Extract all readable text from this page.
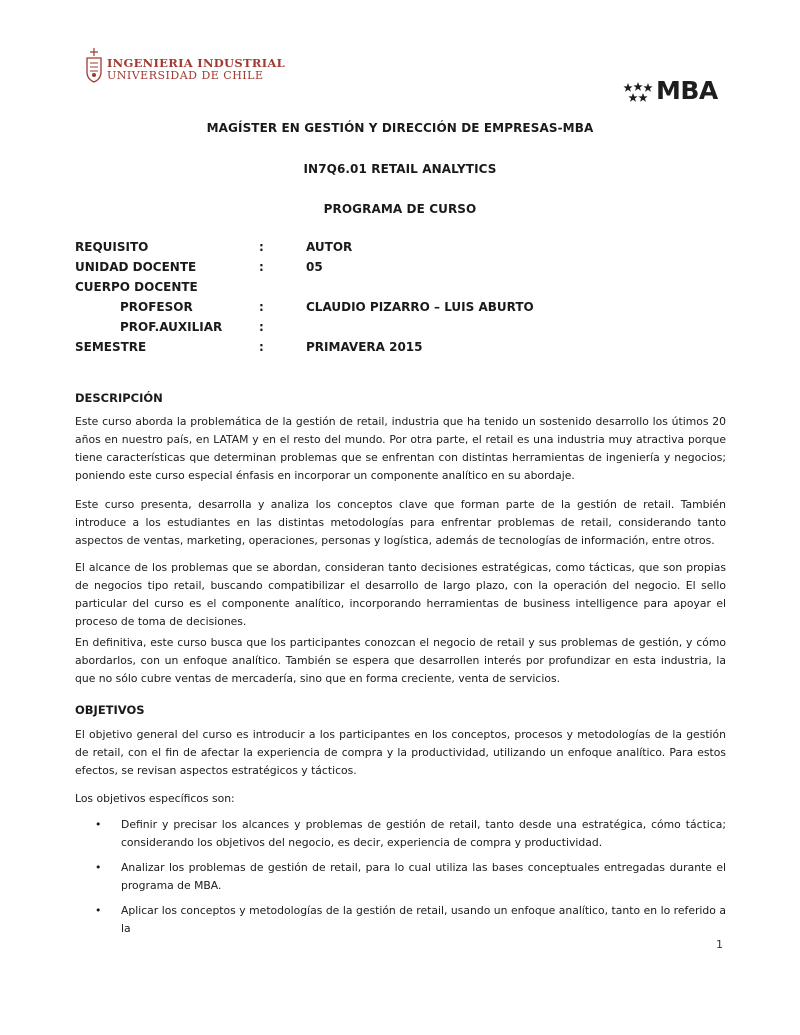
INGENIERIA INDUSTRIAL
UNIVERSIDAD DE CHILE
MBA
MAGÍSTER EN GESTIÓN Y DIRECCIÓN DE EMPRESAS-MBA
IN7Q6.01 RETAIL ANALYTICS
PROGRAMA DE CURSO
REQUISITO	:	AUTOR
UNIDAD DOCENTE	:	05
CUERPO DOCENTE
PROFESOR	:	CLAUDIO PIZARRO – LUIS ABURTO
PROF.AUXILIAR	:
SEMESTRE	:	PRIMAVERA 2015
DESCRIPCIÓN
Este curso aborda la problemática de la gestión de retail, industria que ha tenido un sostenido desarrollo los útimos 20 años en nuestro país, en LATAM y en el resto del mundo. Por otra parte, el retail es una industria muy atractiva porque tiene características que determinan problemas que se enfrentan con distintas herramientas de ingeniería y negocios; poniendo este curso especial énfasis en incorporar un componente analítico en su abordaje.
Este curso presenta, desarrolla y analiza los conceptos clave que forman parte de la gestión de retail. También introduce a los estudiantes en las distintas metodologías para enfrentar problemas de retail, considerando tanto aspectos de ventas, marketing, operaciones, personas y logística, además de tecnologías de información, entre otros.
El alcance de los problemas que se abordan, consideran tanto decisiones estratégicas, como tácticas, que son propias de negocios tipo retail, buscando compatibilizar el desarrollo de largo plazo, con la operación del negocio. El sello particular del curso es el componente analítico, incorporando herramientas de business intelligence para apoyar el proceso de toma de decisiones.
En definitiva, este curso busca que los participantes conozcan el negocio de retail y sus problemas de gestión, y cómo abordarlos, con un enfoque analítico. También se espera que desarrollen interés por profundizar en esta industria, la que no sólo cubre ventas de mercadería, sino que en forma creciente, venta de servicios.
OBJETIVOS
El objetivo general del curso es introducir a los participantes en los conceptos, procesos y metodologías de la gestión de retail, con el fin de afectar la experiencia de compra y la productividad, utilizando un enfoque analítico. Para estos efectos, se revisan aspectos estratégicos y tácticos.
Los objetivos específicos son:
• Definir y precisar los alcances y problemas de gestión de retail, tanto desde una estratégica, cómo táctica; considerando los objetivos del negocio, es decir, experiencia de compra y productividad.
• Analizar los problemas de gestión de retail, para lo cual utiliza las bases conceptuales entregadas durante el programa de MBA.
• Aplicar los conceptos y metodologías de la gestión de retail, usando un enfoque analítico, tanto en lo referido a la
1
